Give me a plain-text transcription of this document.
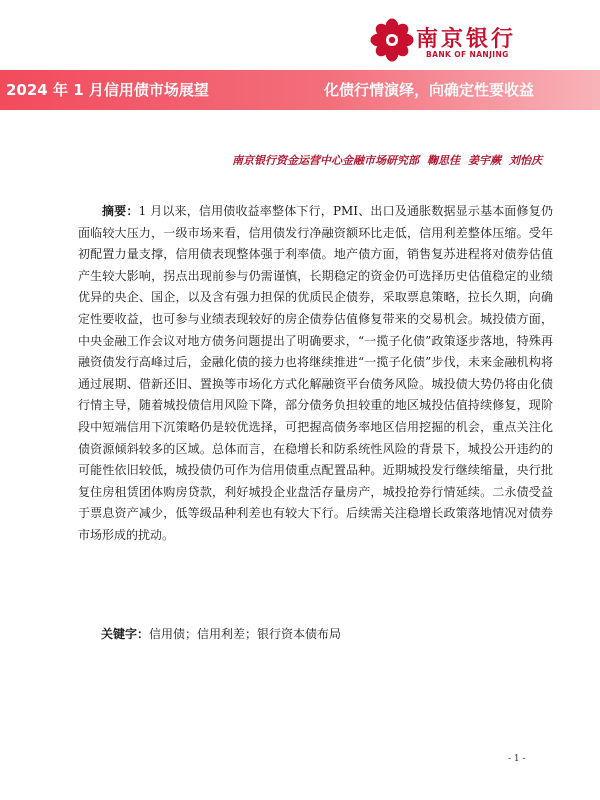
南京银行
BANK OF NANJING
2024 年 1 月信用债市场展望	化债行情演绎，向确定性要收益
南京银行资金运营中心金融市场研究部 鞠思佳 姜宇蕨 刘怡庆
摘要：1 月以来，信用债收益率整体下行，PMI、出口及通胀数据显示基本面修复仍面临较大压力，一级市场来看，信用债发行净融资额环比走低，信用利差整体压缩。受年初配置力量支撑，信用债表现整体强于利率债。地产债方面，销售复苏进程将对债券估值产生较大影响，拐点出现前参与仍需谨慎，长期稳定的资金仍可选择历史估值稳定的业绩优异的央企、国企，以及含有强力担保的优质民企债券，采取票息策略，拉长久期，向确定性要收益，也可参与业绩表现较好的房企债券估值修复带来的交易机会。城投债方面，中央金融工作会议对地方债务问题提出了明确要求，“一揽子化债”政策逐步落地，特殊再融资债发行高峰过后，金融化债的接力也将继续推进“一揽子化债”步伐，未来金融机构将通过展期、借新还旧、置换等市场化方式化解融资平台债务风险。城投债大势仍将由化债行情主导，随着城投债信用风险下降，部分债务负担较重的地区城投估值持续修复，现阶段中短端信用下沉策略仍是较优选择，可把握高债务率地区信用挖掘的机会，重点关注化债资源倾斜较多的区域。总体而言，在稳增长和防系统性风险的背景下，城投公开违约的可能性依旧较低，城投债仍可作为信用债重点配置品种。近期城投发行继续缩量，央行批复住房租赁团体购房贷款，利好城投企业盘活存量房产，城投抢券行情延续。二永债受益于票息资产减少，低等级品种利差也有较大下行。后续需关注稳增长政策落地情况对债券市场形成的扰动。
关键字：信用债；信用利差；银行资本债布局
- 1 -
